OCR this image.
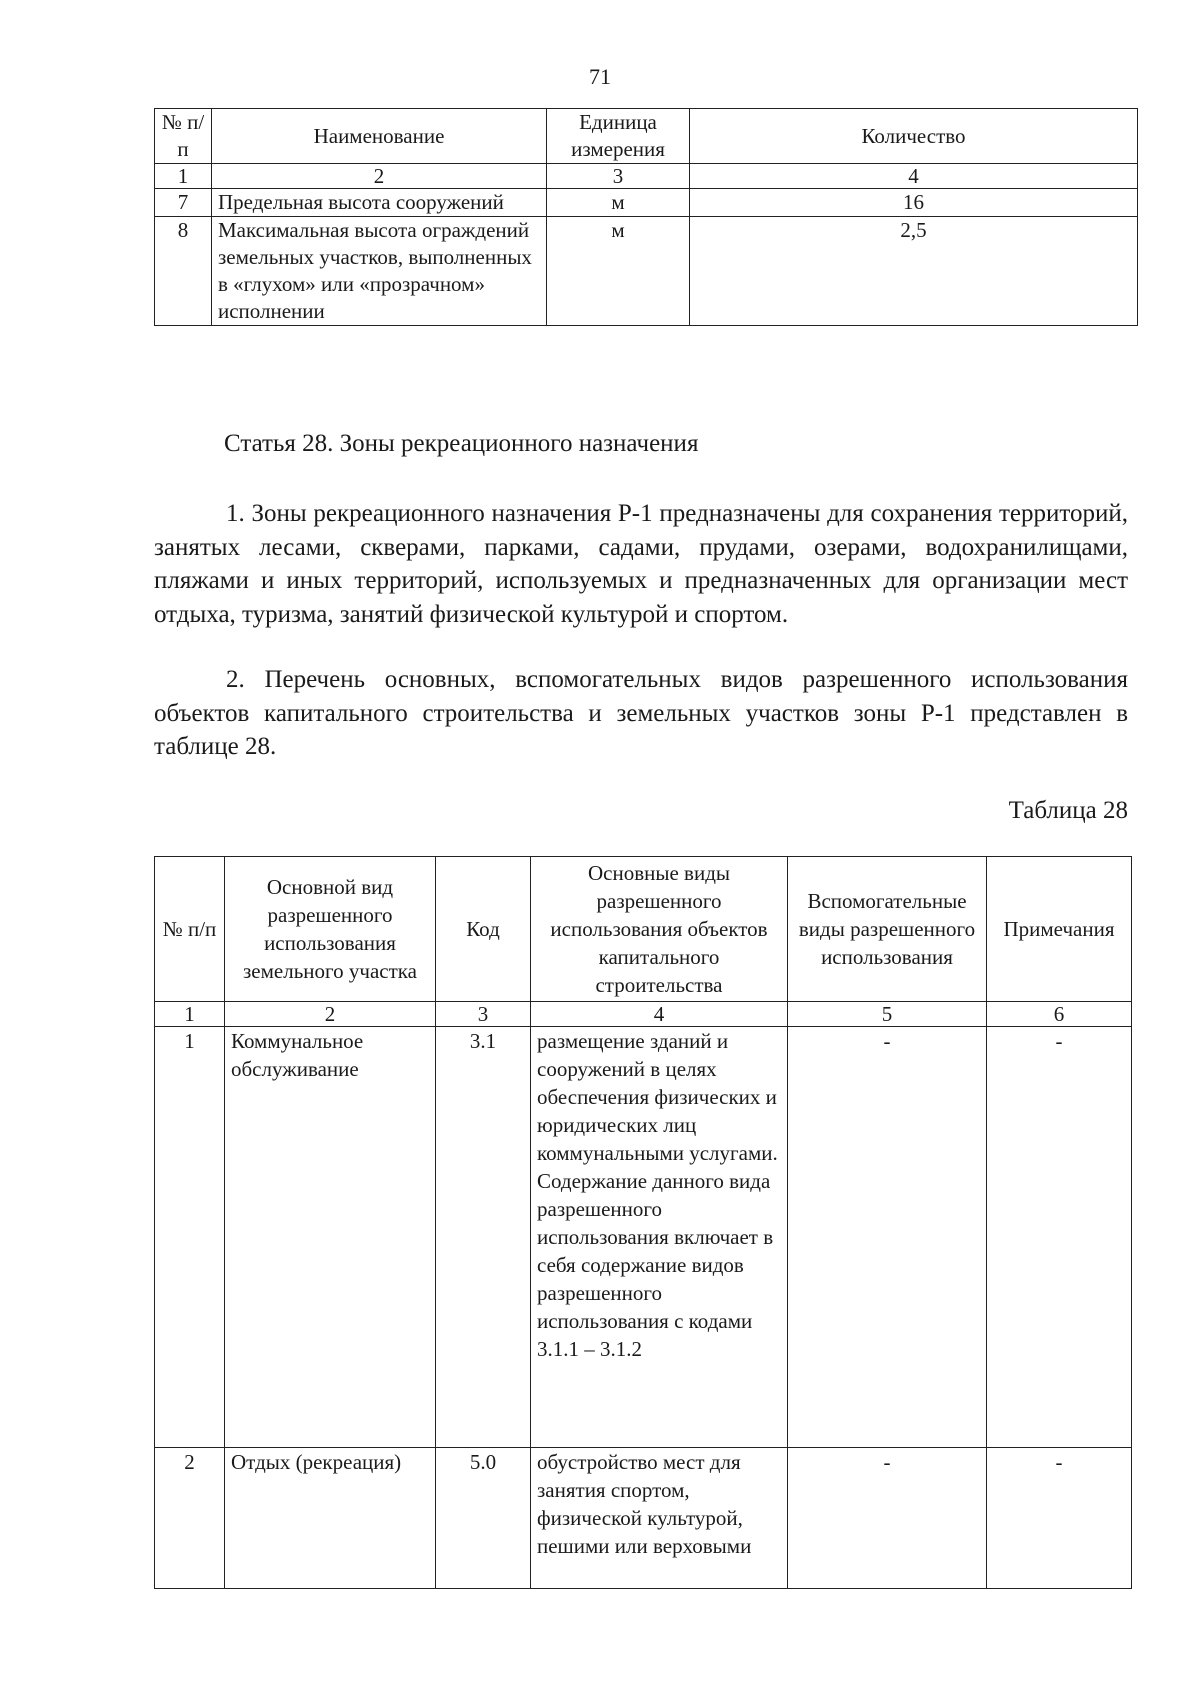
71
№ п/п	Наименование	Единица измерения	Количество
1	2	3	4
7	Предельная высота сооружений	м	16
8	Максимальная высота ограждений земельных участков, выполненных в «глухом» или «прозрачном» исполнении	м	2,5
Статья 28. Зоны рекреационного назначения
1. Зоны рекреационного назначения Р-1 предназначены для сохранения территорий, занятых лесами, скверами, парками, садами, прудами, озерами, водохранилищами, пляжами и иных территорий, используемых и предназначенных для организации мест отдыха, туризма, занятий физической культурой и спортом.
2. Перечень основных, вспомогательных видов разрешенного использования объектов капитального строительства и земельных участков зоны Р-1 представлен в таблице 28.
Таблица 28
№ п/п	Основной вид разрешенного использования земельного участка	Код	Основные виды разрешенного использования объектов капитального строительства	Вспомогательные виды разрешенного использования	Примечания
1	2	3	4	5	6
1	Коммунальное обслуживание	3.1	размещение зданий и сооружений в целях обеспечения физических и юридических лиц коммунальными услугами. Содержание данного вида разрешенного использования включает в себя содержание видов разрешенного использования с кодами 3.1.1 – 3.1.2	-	-
2	Отдых (рекреация)	5.0	обустройство мест для занятия спортом, физической культурой, пешими или верховыми	-	-
